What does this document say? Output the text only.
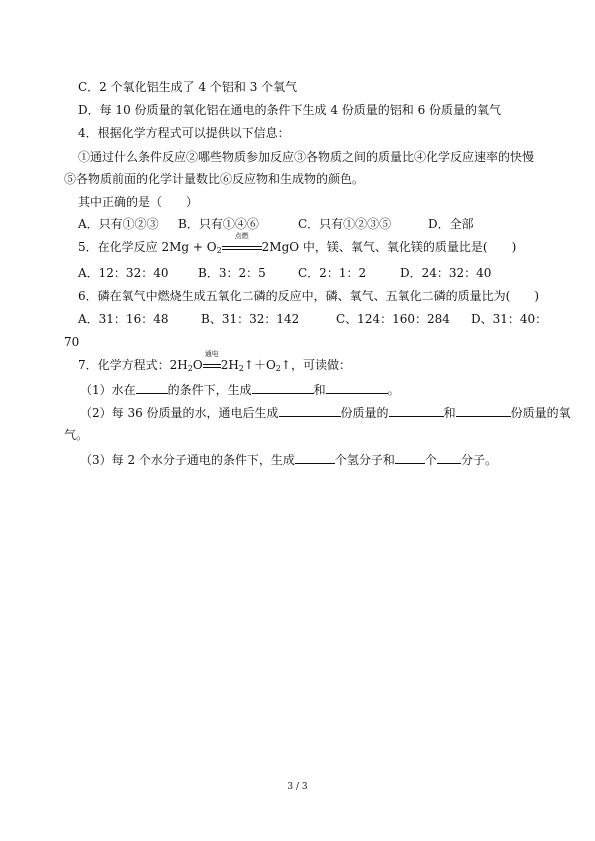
C．2 个氧化铝生成了 4 个铝和 3 个氧气
D．每 10 份质量的氧化铝在通电的条件下生成 4 份质量的铝和 6 份质量的氧气
4．根据化学方程式可以提供以下信息：
①通过什么条件反应②哪些物质参加反应③各物质之间的质量比④化学反应速率的快慢
⑤各物质前面的化学计量数比⑥反应物和生成物的颜色。
其中正确的是（　　）
A．只有①②③ B．只有①④⑥	C．只有①②③⑤	D．全部
5．在化学反应 $2Mg + O_2$
点燃
2MgO 中，镁、氧气、氧化镁的质量比是(　　)
A．12：32：40 B．3：2：5	C．2：1：2	D．24：32：40
6．磷在氧气中燃烧生成五氧化二磷的反应中，磷、氧气、五氧化二磷的质量比为(　　)
A．31：16：48	B、31：32：142	C、124：160：284 D、31：40：
70
7．化学方程式：$2H_2O$
通电
$2H_2↑+O_2↑$，可读做：
（1）水在	的条件下，生成	和	。
（2）每 36 份质量的水，通电后生成	份质量的	和	份质量的氧
气。
（3）每 2 个水分子通电的条件下，生成	个氢分子和	个 分子。
3 / 3
